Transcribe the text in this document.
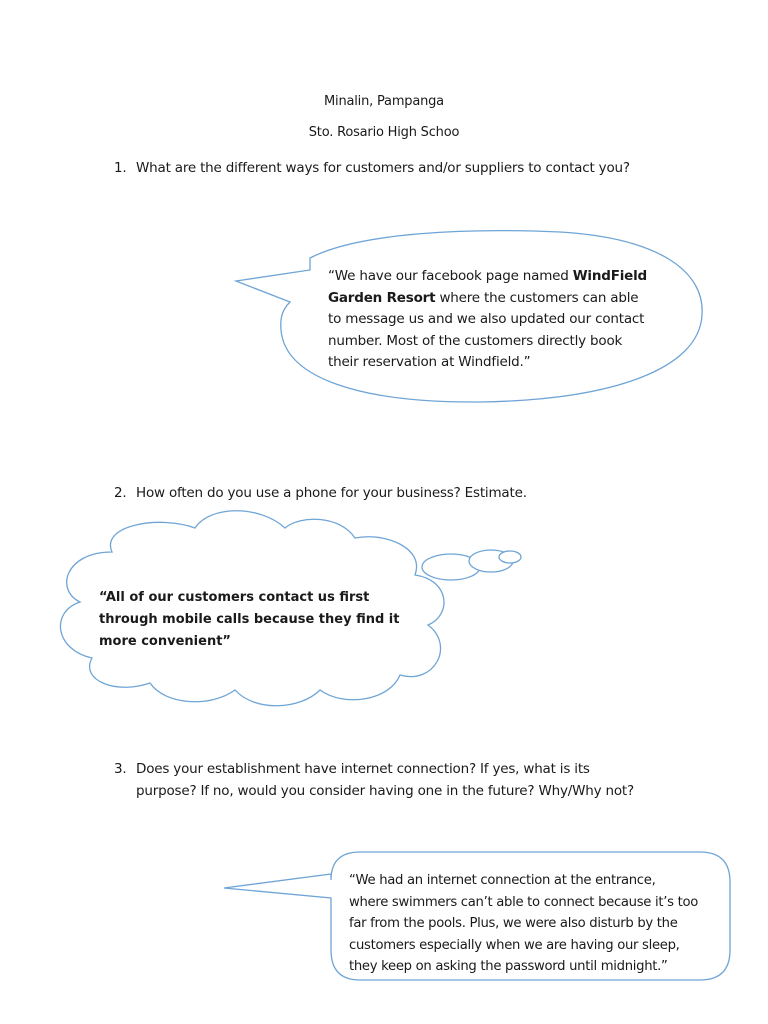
Minalin, Pampanga
Sto. Rosario High Schoo
1. What are the different ways for customers and/or suppliers to contact you?
“We have our facebook page named WindField
Garden Resort where the customers can able
to message us and we also updated our contact
number. Most of the customers directly book
their reservation at Windfield.”
2. How often do you use a phone for your business? Estimate.
“All of our customers contact us first
through mobile calls because they find it
more convenient”
3. Does your establishment have internet connection? If yes, what is its
purpose? If no, would you consider having one in the future? Why/Why not?
“We had an internet connection at the entrance,
where swimmers can’t able to connect because it’s too
far from the pools. Plus, we were also disturb by the
customers especially when we are having our sleep,
they keep on asking the password until midnight.”
